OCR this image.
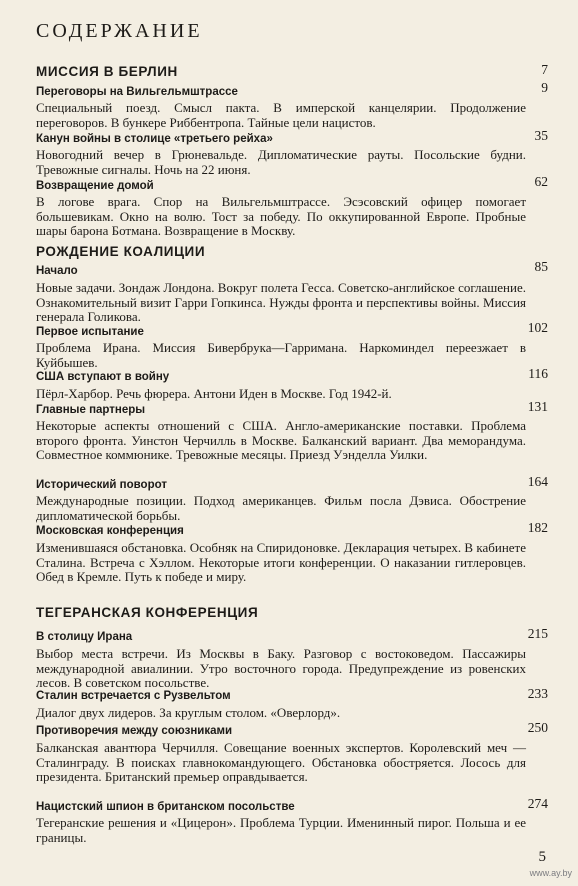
СОДЕРЖАНИЕ
МИССИЯ В БЕРЛИН	7
Переговоры на Вильгельмштрассе	9
Специальный поезд. Смысл пакта. В имперской канцелярии. Продолжение переговоров. В бункере Риббентропа. Тайные цели нацистов.
Канун войны в столице «третьего рейха»	35
Новогодний вечер в Грюневальде. Дипломатические рауты. Посольские будни. Тревожные сигналы. Ночь на 22 июня.
Возвращение домой	62
В логове врага. Спор на Вильгельмштрассе. Эсэсовский офицер помогает большевикам. Окно на волю. Тост за победу. По оккупированной Европе. Пробные шары барона Ботмана. Возвращение в Москву.
РОЖДЕНИЕ КОАЛИЦИИ
Начало	85
Новые задачи. Зондаж Лондона. Вокруг полета Гесса. Советско-английское соглашение. Ознакомительный визит Гарри Гопкинса. Нужды фронта и перспективы войны. Миссия генерала Голикова.
Первое испытание	102
Проблема Ирана. Миссия Бивербрука—Гарримана. Наркоминдел переезжает в Куйбышев.
США вступают в войну	116
Пёрл-Харбор. Речь фюрера. Антони Иден в Москве. Год 1942-й.
Главные партнеры	131
Некоторые аспекты отношений с США. Англо-американские поставки. Проблема второго фронта. Уинстон Черчилль в Москве. Балканский вариант. Два меморандума. Совместное коммюнике. Тревожные месяцы. Приезд Уэнделла Уилки.
Исторический поворот	164
Международные позиции. Подход американцев. Фильм посла Дэвиса. Обострение дипломатической борьбы.
Московская конференция	182
Изменившаяся обстановка. Особняк на Спиридоновке. Декларация четырех. В кабинете Сталина. Встреча с Хэллом. Некоторые итоги конференции. О наказании гитлеровцев. Обед в Кремле. Путь к победе и миру.
ТЕГЕРАНСКАЯ КОНФЕРЕНЦИЯ
В столицу Ирана	215
Выбор места встречи. Из Москвы в Баку. Разговор с востоковедом. Пассажиры международной авиалинии. Утро восточного города. Предупреждение из ровенских лесов. В советском посольстве.
Сталин встречается с Рузвельтом	233
Диалог двух лидеров. За круглым столом. «Оверлорд».
Противоречия между союзниками	250
Балканская авантюра Черчилля. Совещание военных экспертов. Королевский меч — Сталинграду. В поисках главнокомандующего. Обстановка обостряется. Лосось для президента. Британский премьер оправдывается.
Нацистский шпион в британском посольстве	274
Тегеранские решения и «Цицерон». Проблема Турции. Именинный пирог. Польша и ее границы.
5
www.ay.by
